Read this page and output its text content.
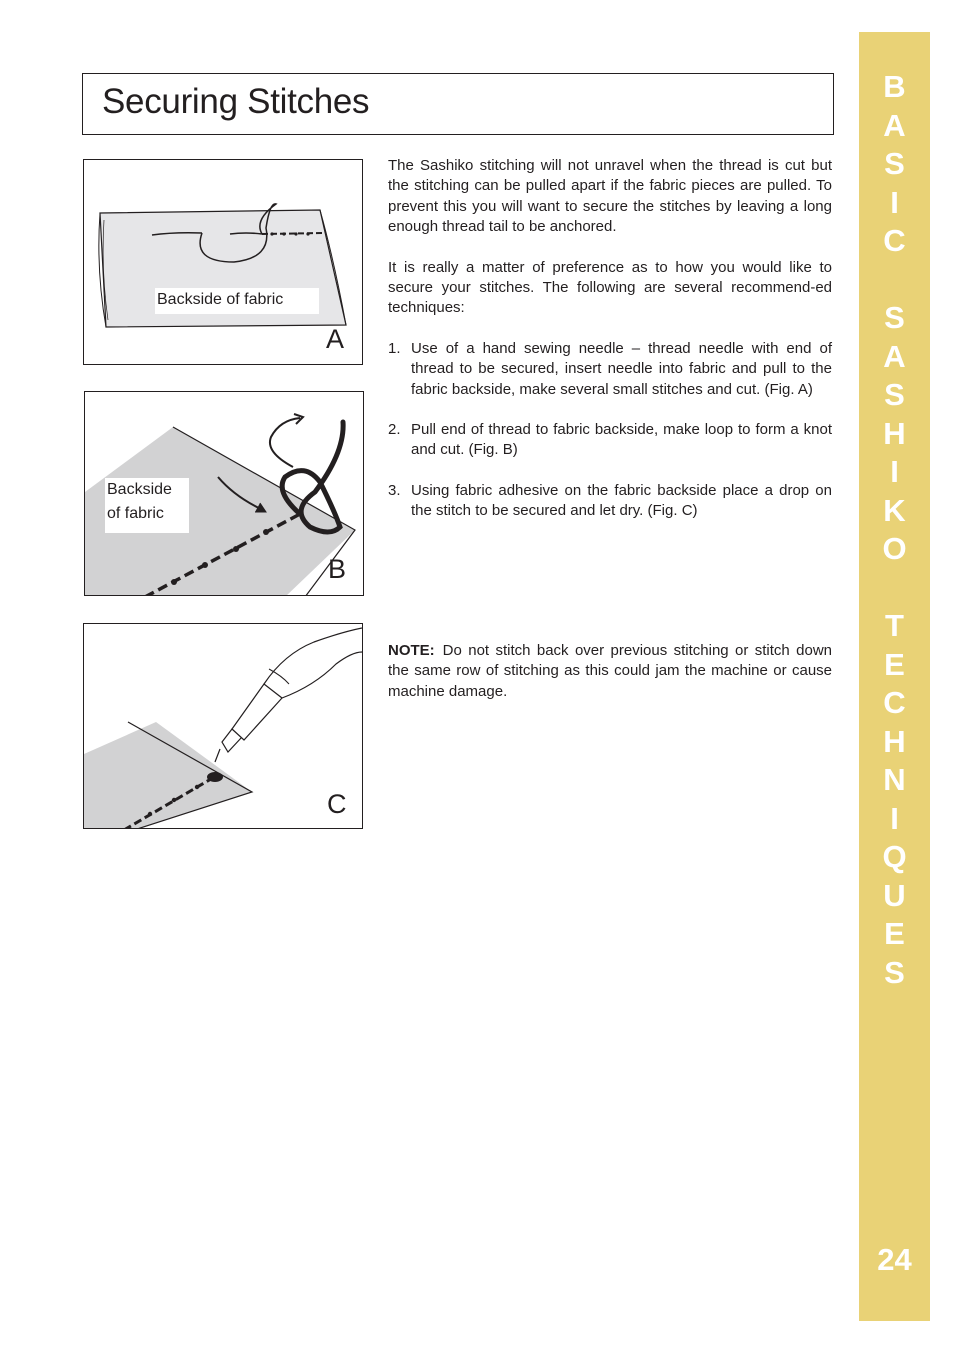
Securing Stitches	B
A
S
I
C

S
A
S
H
I
K
O

T
E
C
H
N
I
Q
U
E
S
24
Backside of fabric
A
Backside
of fabric
B
C

The Sashiko stitching will not unravel when the thread is cut but the stitching can be pulled apart if the fabric pieces are pulled. To prevent this you will want to secure the stitches by leaving a long enough thread tail to be anchored.

It is really a matter of preference as to how you would like to secure your stitches. The following are several recommend-ed techniques:

1. Use of a hand sewing needle – thread needle with end of thread to be secured, insert needle into fabric and pull to the fabric backside, make several small stitches and cut. (Fig. A)
2. Pull end of thread to fabric backside, make loop to form a knot and cut. (Fig. B)
3. Using fabric adhesive on the fabric backside place a drop on the stitch to be secured and let dry. (Fig. C)

NOTE: Do not stitch back over previous stitching or stitch down the same row of stitching as this could jam the machine or cause machine damage.
